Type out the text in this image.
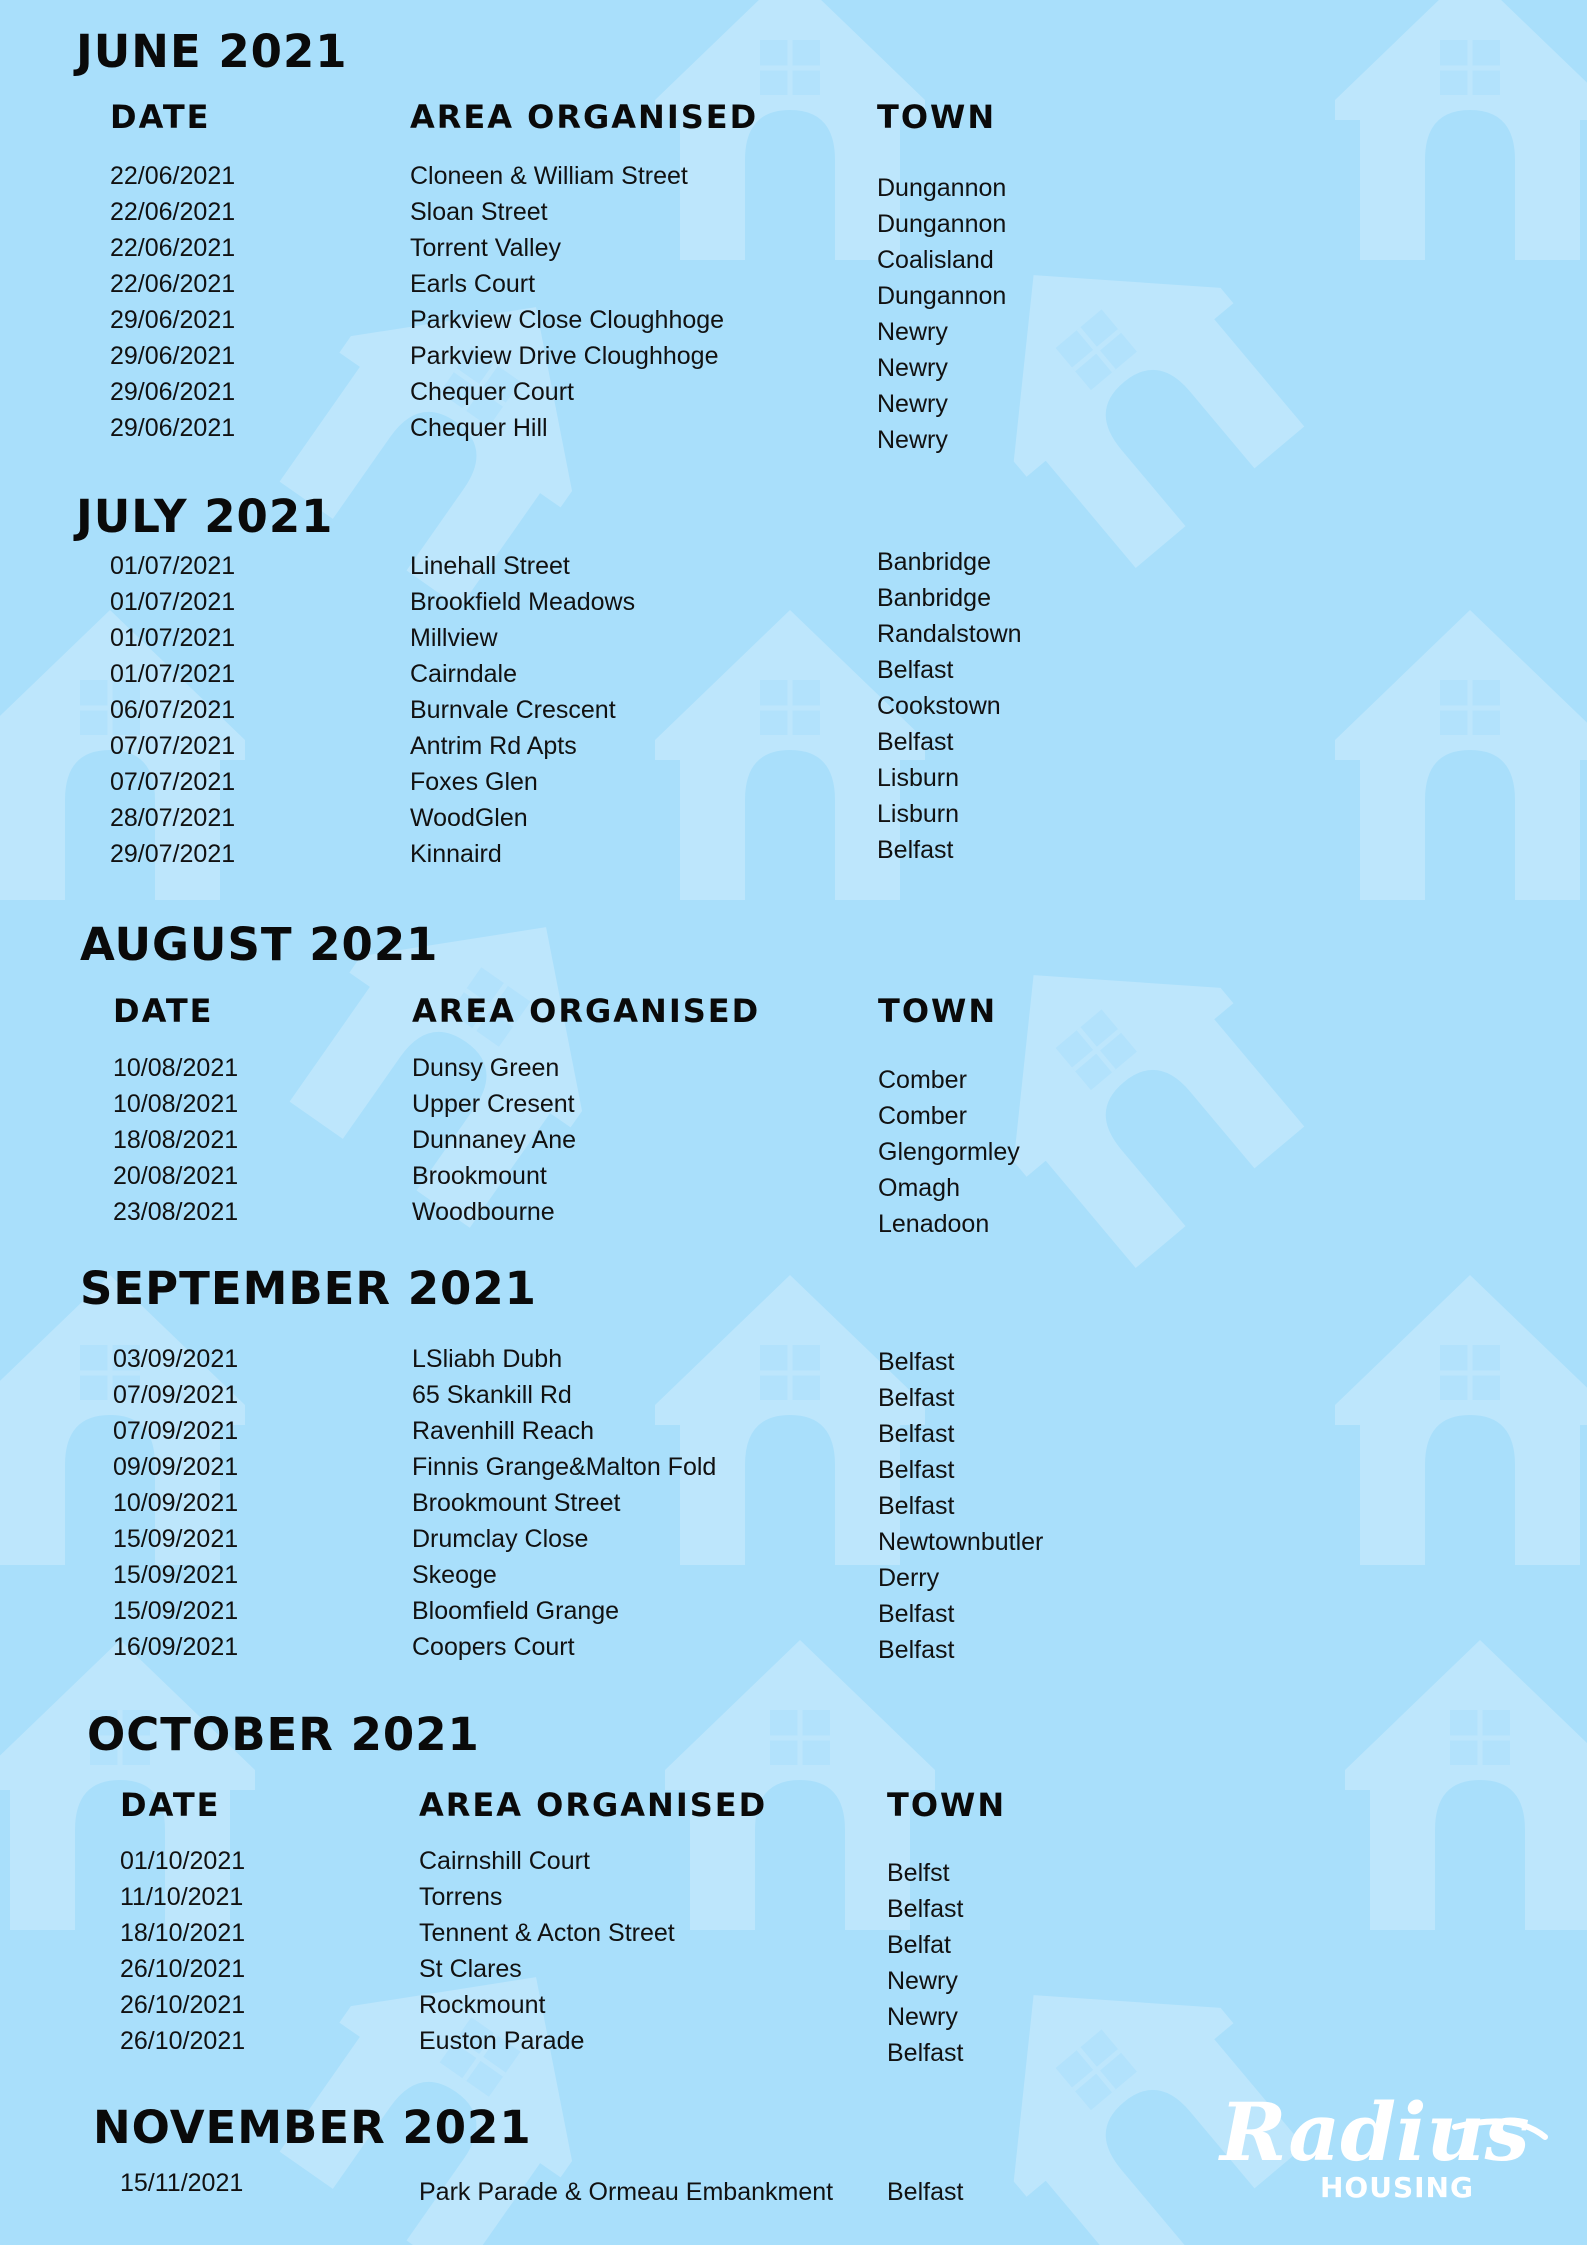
JUNE 2021
DATE	AREA ORGANISED	TOWN
22/06/2021	Cloneen & William Street	Dungannon
22/06/2021	Sloan Street	Dungannon
22/06/2021	Torrent Valley	Coalisland
22/06/2021	Earls Court	Dungannon
29/06/2021	Parkview Close Cloughhoge	Newry
29/06/2021	Parkview Drive Cloughhoge	Newry
29/06/2021	Chequer Court	Newry
29/06/2021	Chequer Hill	Newry
JULY 2021
01/07/2021	Linehall Street	Banbridge
01/07/2021	Brookfield Meadows	Banbridge
01/07/2021	Millview	Randalstown
01/07/2021	Cairndale	Belfast
06/07/2021	Burnvale Crescent	Cookstown
07/07/2021	Antrim Rd Apts	Belfast
07/07/2021	Foxes Glen	Lisburn
28/07/2021	WoodGlen	Lisburn
29/07/2021	Kinnaird	Belfast
AUGUST 2021
DATE	AREA ORGANISED	TOWN
10/08/2021	Dunsy Green	Comber
10/08/2021	Upper Cresent	Comber
18/08/2021	Dunnaney Ane	Glengormley
20/08/2021	Brookmount	Omagh
23/08/2021	Woodbourne	Lenadoon
SEPTEMBER 2021
03/09/2021	LSliabh Dubh	Belfast
07/09/2021	65 Skankill Rd	Belfast
07/09/2021	Ravenhill Reach	Belfast
09/09/2021	Finnis Grange&Malton Fold	Belfast
10/09/2021	Brookmount Street	Belfast
15/09/2021	Drumclay Close	Newtownbutler
15/09/2021	Skeoge	Derry
15/09/2021	Bloomfield Grange	Belfast
16/09/2021	Coopers Court	Belfast
OCTOBER 2021
DATE	AREA ORGANISED	TOWN
01/10/2021	Cairnshill Court	Belfst
11/10/2021	Torrens	Belfast
18/10/2021	Tennent & Acton Street	Belfat
26/10/2021	St Clares	Newry
26/10/2021	Rockmount	Newry
26/10/2021	Euston Parade	Belfast
NOVEMBER 2021
15/11/2021	Park Parade & Ormeau Embankment Belfast
Radius
HOUSING
